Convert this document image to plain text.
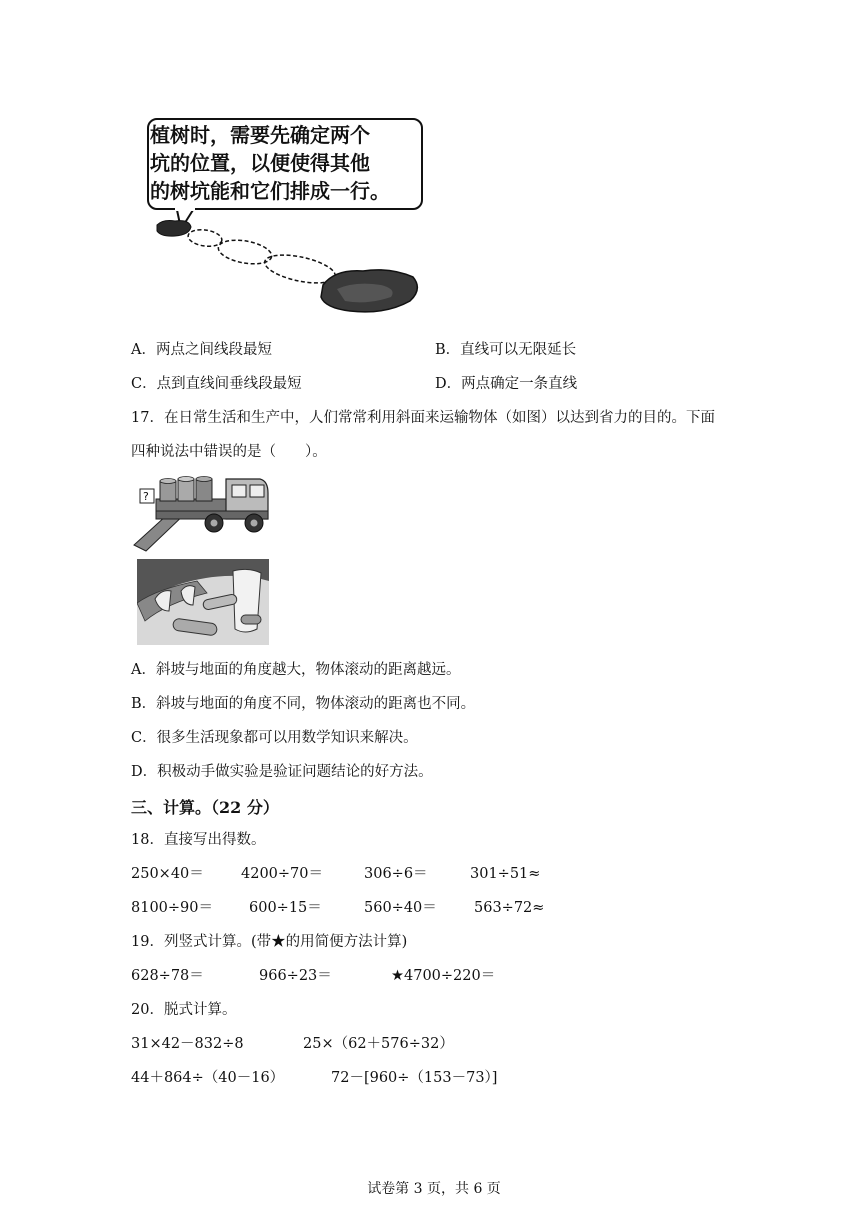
植树时，需要先确定两个
坑的位置，以便使得其他
的树坑能和它们排成一行。
A．两点之间线段最短	B．直线可以无限延长
C．点到直线间垂线段最短	D．两点确定一条直线
17．在日常生活和生产中，人们常常利用斜面来运输物体（如图）以达到省力的目的。下面
四种说法中错误的是（　　）。
?
A．斜坡与地面的角度越大，物体滚动的距离越远。
B．斜坡与地面的角度不同，物体滚动的距离也不同。
C．很多生活现象都可以用数学知识来解决。
D．积极动手做实验是验证问题结论的好方法。
三、计算。（22 分）
18．直接写出得数。
250×40＝	4200÷70＝	306÷6＝	301÷51≈
8100÷90＝ 600÷15＝	560÷40＝	563÷72≈
19．列竖式计算。(带★的用简便方法计算)
628÷78＝	966÷23＝	★4700÷220＝
20．脱式计算。
31×42－832÷8	25×（62＋576÷32）
44＋864÷（40－16）	72－[960÷（153－73）]
试卷第 3 页，共 6 页
